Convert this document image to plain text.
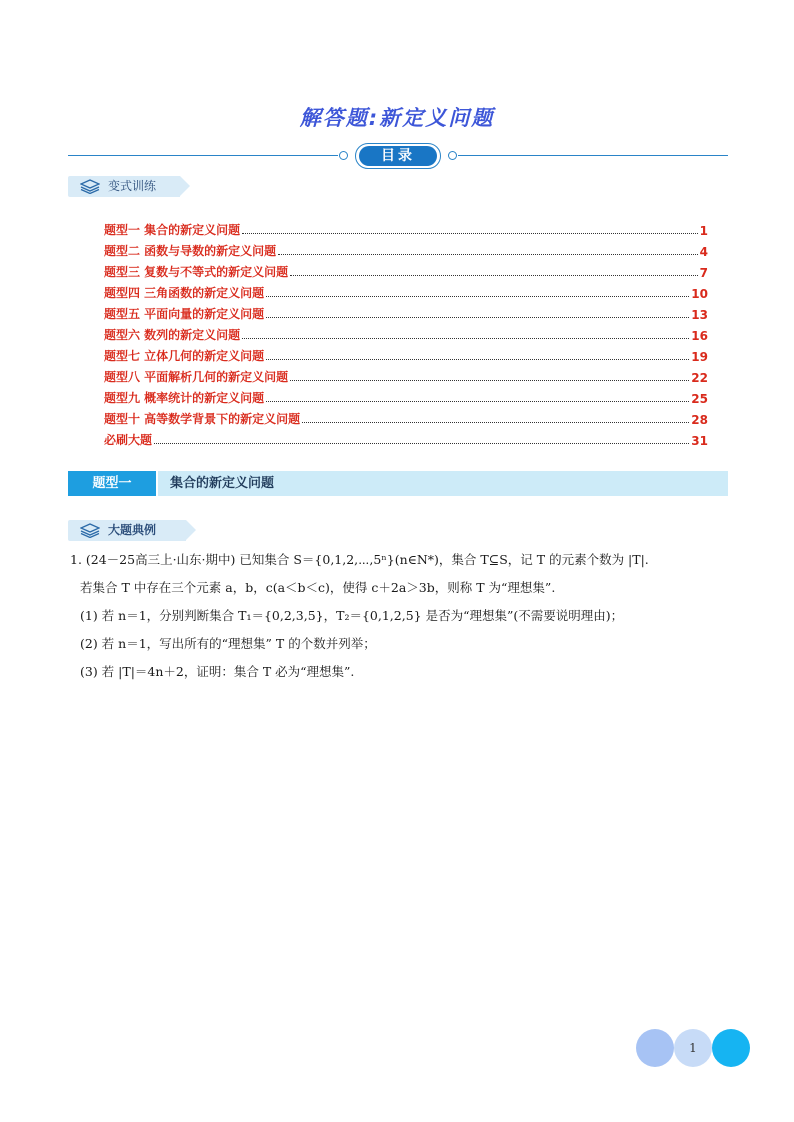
解答题:新定义问题
目录
变式训练
题型一 集合的新定义问题	1
题型二 函数与导数的新定义问题	4
题型三 复数与不等式的新定义问题	7
题型四 三角函数的新定义问题	10
题型五 平面向量的新定义问题	13
题型六 数列的新定义问题	16
题型七 立体几何的新定义问题	19
题型八 平面解析几何的新定义问题	22
题型九 概率统计的新定义问题	25
题型十 高等数学背景下的新定义问题	28
必刷大题	31
题型一	集合的新定义问题
大题典例
1. (24－25高三上·山东·期中) 已知集合 S＝{0,1,2,⋯,5ⁿ}(n∈N*)，集合 T⊆S，记 T 的元素个数为 |T|.
若集合 T 中存在三个元素 a，b，c(a＜b＜c)，使得 c＋2a＞3b，则称 T 为“理想集”.
(1) 若 n＝1，分别判断集合 T₁＝{0,2,3,5}，T₂＝{0,1,2,5} 是否为“理想集”(不需要说明理由)；
(2) 若 n＝1，写出所有的“理想集” T 的个数并列举；
(3) 若 |T|＝4n＋2，证明：集合 T 必为“理想集”.
1
